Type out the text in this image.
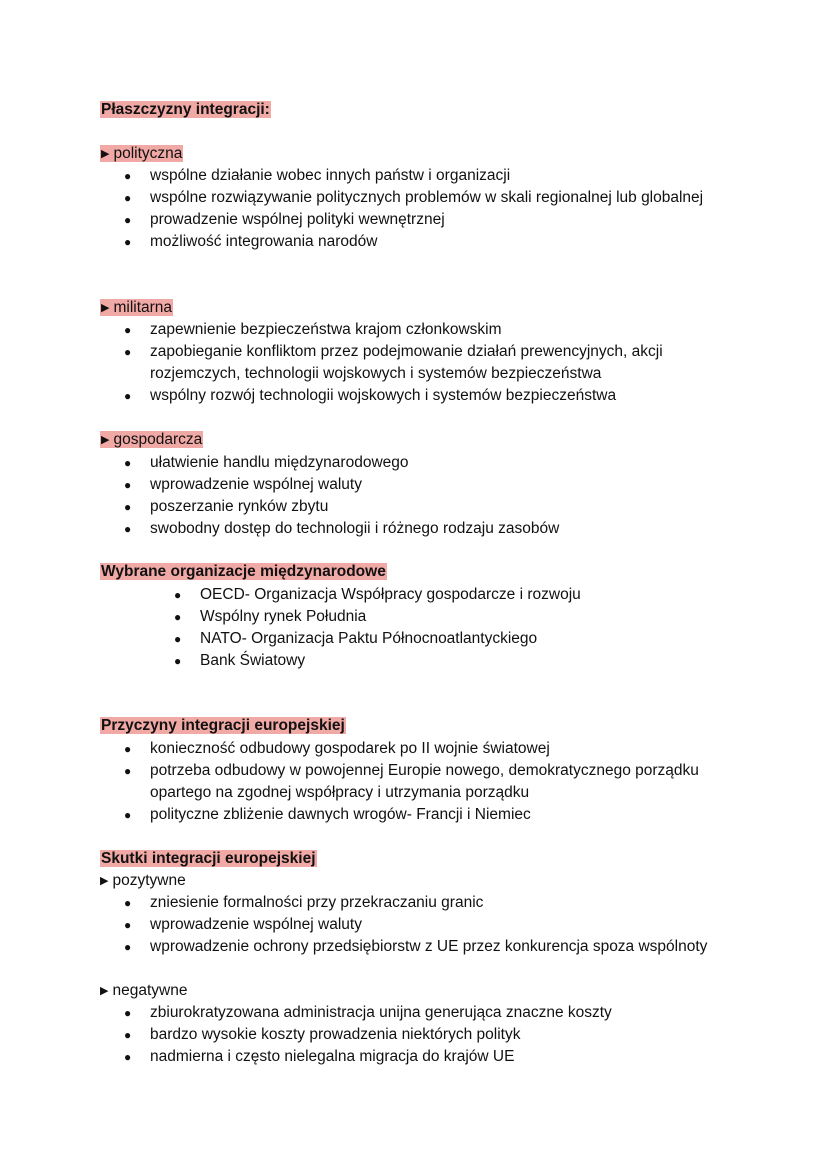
Płaszczyzny integracji:
▶ polityczna
● wspólne działanie wobec innych państw i organizacji
● wspólne rozwiązywanie politycznych problemów w skali regionalnej lub globalnej
● prowadzenie wspólnej polityki wewnętrznej
● możliwość integrowania narodów
▶ militarna
● zapewnienie bezpieczeństwa krajom członkowskim
● zapobieganie konfliktom przez podejmowanie działań prewencyjnych, akcji rozjemczych, technologii wojskowych i systemów bezpieczeństwa
● wspólny rozwój technologii wojskowych i systemów bezpieczeństwa
▶ gospodarcza
● ułatwienie handlu międzynarodowego
● wprowadzenie wspólnej waluty
● poszerzanie rynków zbytu
● swobodny dostęp do technologii i różnego rodzaju zasobów
Wybrane organizacje międzynarodowe
● OECD- Organizacja Współpracy gospodarcze i rozwoju
● Wspólny rynek Południa
● NATO- Organizacja Paktu Północnoatlantyckiego
● Bank Światowy
Przyczyny integracji europejskiej
● konieczność odbudowy gospodarek po II wojnie światowej
● potrzeba odbudowy w powojennej Europie nowego, demokratycznego porządku opartego na zgodnej współpracy i utrzymania porządku
● polityczne zbliżenie dawnych wrogów- Francji i Niemiec
Skutki integracji europejskiej
▶ pozytywne
● zniesienie formalności przy przekraczaniu granic
● wprowadzenie wspólnej waluty
● wprowadzenie ochrony przedsiębiorstw z UE przez konkurencja spoza wspólnoty
▶ negatywne
● zbiurokratyzowana administracja unijna generująca znaczne koszty
● bardzo wysokie koszty prowadzenia niektórych polityk
● nadmierna i często nielegalna migracja do krajów UE
